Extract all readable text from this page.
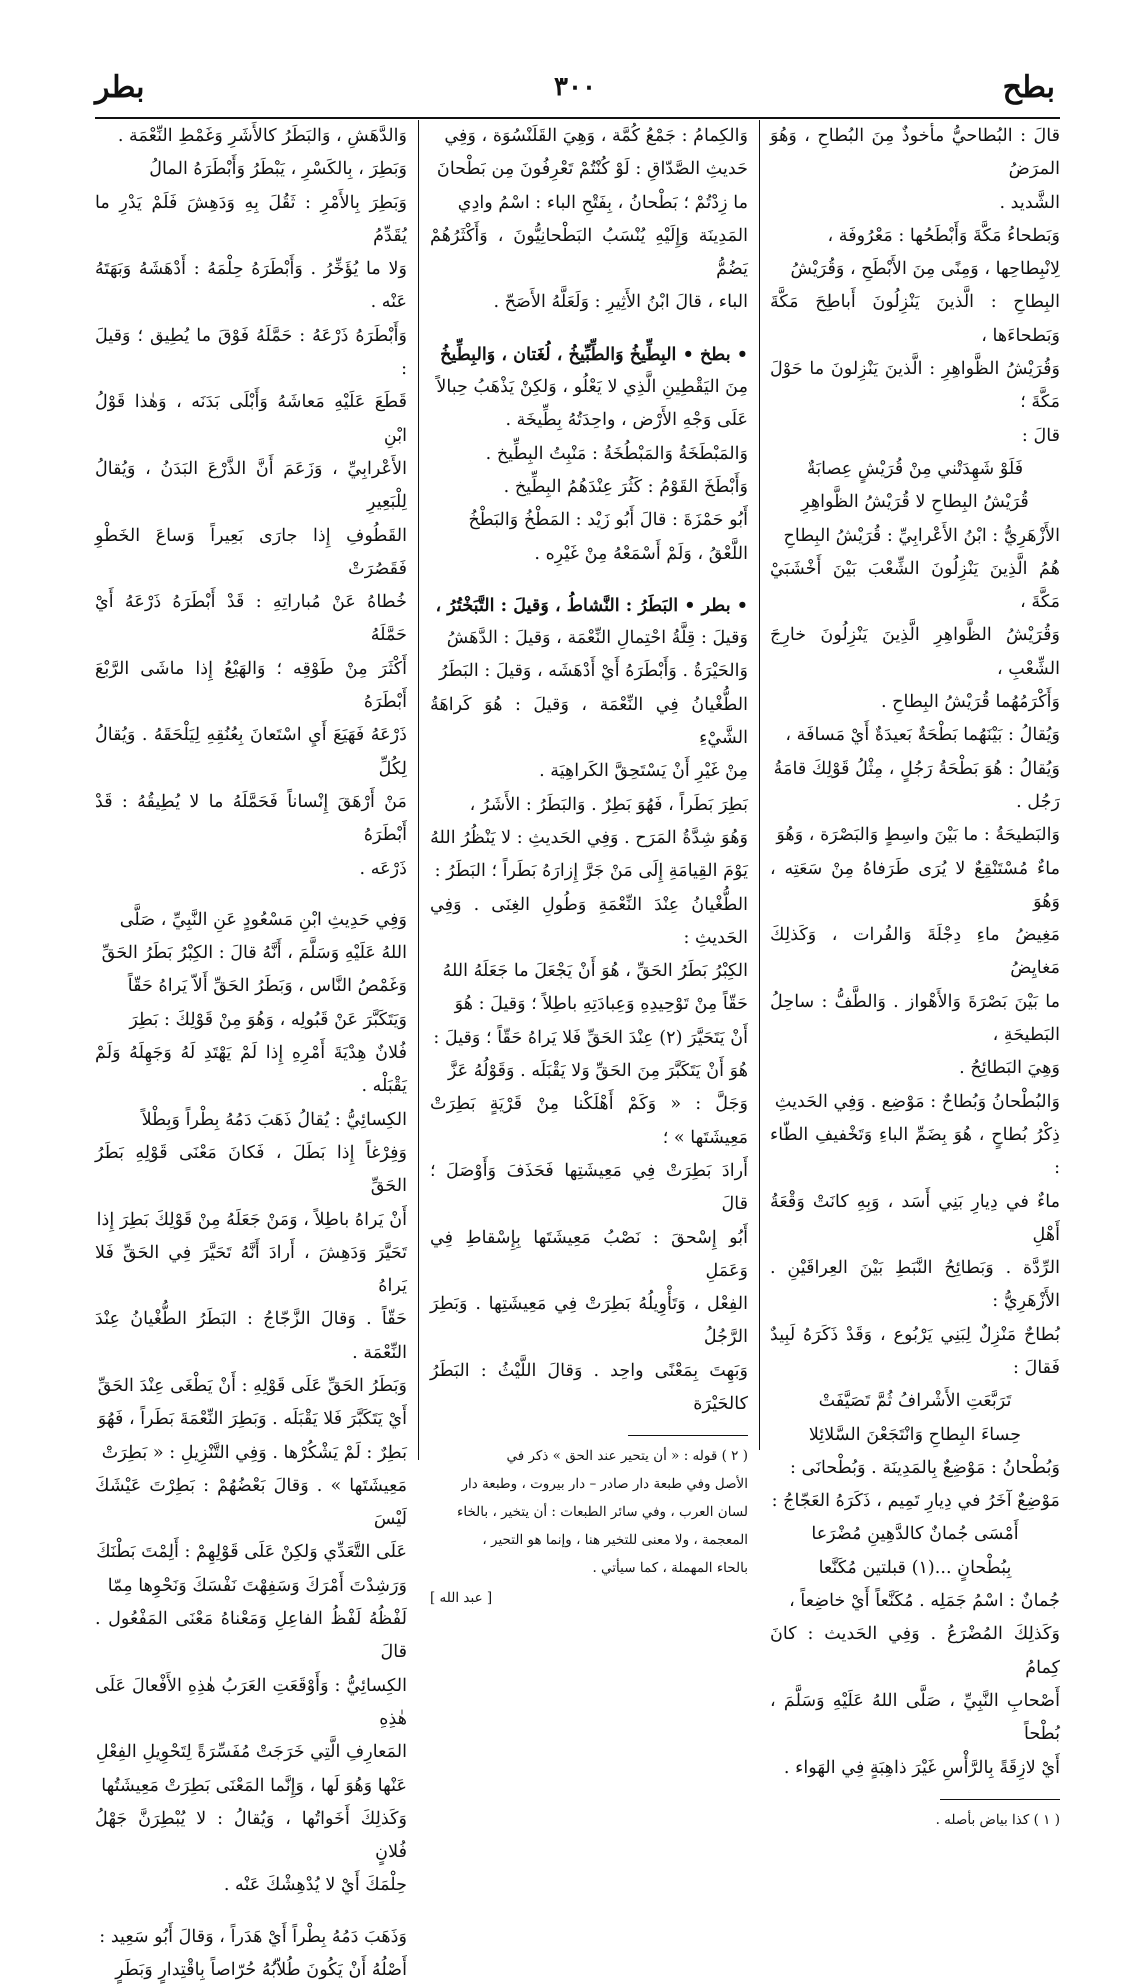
بطح
٣٠٠
بطر

قالَ : البُطاحيُّ مأخوذٌ مِنَ البُطاحِ ، وَهُوَ المرَضُ

الشَّديد .

وَبَطحاءُ مَكَّةَ وَأَبْطَحُها : مَعْرُوفَة ،

لِانْبِطاحِها ، وَمِنًى مِنَ الأَبْطَحِ ، وَقُرَيْشُ

البِطاحِ : الَّذينَ يَنْزِلُونَ أَباطِحَ مَكَّةَ وَبَطحاءَها ،

وَقُرَيْشُ الظَّواهِرِ : الَّذينَ يَنْزِلونَ ما حَوْلَ مَكَّةَ ؛

قالَ :

فَلَوْ شَهِدَتْني مِنْ قُرَيْشٍ عِصابَةٌ

قُرَيْشُ البِطاحِ لا قُرَيْشُ الظَّواهِرِ

الأَزْهَرِيُّ : ابْنُ الأَعْرابِيِّ : قُرَيْشُ البِطاحِ

هُمُ الَّذِينَ يَنْزِلُونَ الشِّعْبَ بَيْنَ أَخْشَبَيْ مَكَّةَ ،

وَقُرَيْشُ الظَّواهِرِ الَّذِينَ يَنْزِلُونَ خارِجَ الشِّعْبِ ،

وَأَكْرَمُهُما قُرَيْشُ البِطاحِ .

وَيُقالُ : بَيْنَهُما بَطْحَةٌ بَعيدَةٌ أَيْ مَسافَة ،

وَيُقالُ : هُوَ بَطْحَةُ رَجُلٍ ، مِثْلُ قَوْلِكَ قامَةُ

رَجُل .

وَالبَطيحَةُ : ما بَيْنَ واسِطٍ وَالبَصْرَة ، وَهُوَ

ماءٌ مُسْتَنْقِعٌ لا يُرَى طَرَفاهُ مِنْ سَعَتِه ، وَهُوَ

مَغِيضُ ماءِ دِجْلَةَ وَالفُرات ، وَكَذلِكَ مَغايِضُ

ما بَيْنَ بَصْرَةَ وَالأَهْواز . وَالطَّفُّ : ساحِلُ البَطيحَةِ ،

وَهِيَ البَطائِحُ .

وَالبُطْحانُ وَبُطاحٌ : مَوْضِع . وَفِي الحَديثِ

ذِكْرُ بُطاحٍ ، هُوَ بِضَمِّ الباءِ وَتَخْفيفِ الطّاء :

ماءٌ في دِيارِ بَنِي أَسَد ، وَبِهِ كانَتْ وَقْعَةُ أَهْلِ

الرِّدَّة . وَبَطائِحُ النَّبَطِ بَيْنَ العِراقَيْنِ . الأَزْهَرِيُّ :

بُطاحٌ مَنْزِلٌ لِبَنِي يَرْبُوع ، وَقَدْ ذَكَرَهُ لَبِيدٌ فَقالَ :

تَرَبَّعَتِ الأَشْرافُ ثُمَّ تَصَيَّفَتْ

حِساءَ البِطاحِ وَانْتَجَعْنَ السَّلائِلا

وَبُطْحانُ : مَوْضِعٌ بِالمَدِينَة . وَبُطْحانَى :

مَوْضِعٌ آخَرُ في دِيارِ تَمِيم ، ذَكَرَهُ العَجّاجُ :

أَمْسَى جُمانٌ كالدَّهِينِ مُضْرَعا

بِبُطْحانٍ ...(١) قبلتين مُكَنَّعا

جُمانٌ : اسْمُ جَمَلِه . مُكَنَّعاً أَيْ خاضِعاً ،

وَكَذلِكَ المُضْرَعُ . وَفِي الحَديث : كانَ كِمامُ

أَصْحابِ النَّبِيِّ ، صَلَّى اللهُ عَلَيْهِ وَسَلَّمَ ، بُطْحاً

أَيْ لازِقَةً بِالرَّأْسِ غَيْرَ ذاهِبَةٍ فِي الهَواء .

( ١ ) كذا بياض بأصله .

وَالكِمامُ : جَمْعُ كُمَّة ، وَهِيَ القَلَنْسُوَة ، وَفِي

حَديثِ الصَّدّاقِ : لَوْ كُنْتُمْ تَعْرِفُونَ مِن بَطْحانَ

ما زِدْتُمْ ؛ بَطْحانُ ، بِفَتْحِ الباء : اسْمُ وادِي

المَدِينَة وَإِلَيْهِ يُنْسَبُ البَطْحانِيُّونَ ، وَأَكْثَرُهُمْ يَضُمُّ

الباء ، قالَ ابْنُ الأَثِيرِ : وَلَعَلَّهُ الأَصَحّ .

• بطخ • البِطِّيخُ وَالطِّبِّيخُ ، لُغَتان ، وَالبِطِّيخُ

مِنَ اليَقْطِينِ الَّذِي لا يَعْلُو ، وَلكِنْ يَذْهَبُ حِبالاً

عَلَى وَجْهِ الأَرْض ، واحِدَتُهُ بِطِّيخَة .

وَالمَبْطَخَةُ وَالمَبْطُخَةُ : مَنْبِتُ البِطِّيخ .

وَأَبْطَخَ القَوْمُ : كَثُرَ عِنْدَهُمُ البِطِّيخ .

أَبُو حَمْزَةَ : قالَ أَبُو زَيْد : المَطْخُ وَالبَطْخُ

اللَّعْقُ ، وَلَمْ أَسْمَعْهُ مِنْ غَيْرِه .

• بطر • البَطَرُ : النَّشاطُ ، وَقيلَ : التَّبَخْتُرُ ،

وَقيلَ : قِلَّةُ احْتِمالِ النِّعْمَة ، وَقيلَ : الدَّهَشُ

وَالحَيْرَةُ . وَأَبْطَرَهُ أَيْ أَدْهَشَه ، وَقيلَ : البَطَرُ

الطُّغْيانُ فِي النِّعْمَة ، وَقيلَ : هُوَ كَراهَةُ الشَّيْءِ

مِنْ غَيْرِ أَنْ يَسْتَحِقَّ الكَراهِيَة .

بَطِرَ بَطَراً ، فَهُوَ بَطِرٌ . وَالبَطَرُ : الأَشَرُ ،

وَهُوَ شِدَّةُ المَرَح . وَفِي الحَديثِ : لا يَنْظُرُ اللهُ

يَوْمَ القِيامَةِ إِلَى مَنْ جَرَّ إِزارَهُ بَطَراً ؛ البَطَرُ :

الطُّغْيانُ عِنْدَ النِّعْمَةِ وَطُولِ الغِنَى . وَفِي الحَديثِ :

الكِبْرُ بَطَرُ الحَقِّ ، هُوَ أَنْ يَجْعَلَ ما جَعَلَهُ اللهُ

حَقّاً مِنْ تَوْحِيدِهِ وَعِبادَتِهِ باطِلاً ؛ وَقيلَ : هُوَ

أَنْ يَتَحَيَّرَ (٢) عِنْدَ الحَقِّ فَلا يَراهُ حَقّاً ؛ وَقيلَ :

هُوَ أَنْ يَتَكَبَّرَ مِنَ الحَقِّ وَلا يَقْبَلَه . وَقَوْلُهُ عَزَّ

وَجَلَّ : « وَكَمْ أَهْلَكْنا مِنْ قَرْيَةٍ بَطِرَتْ مَعِيشَتَها » ؛

أَرادَ بَطِرَتْ فِي مَعِيشَتِها فَحَذَفَ وَأَوْصَلَ ؛ قالَ

أَبُو إِسْحقَ : نَصْبُ مَعِيشَتَها بِإِسْقاطِ فِي وَعَمَلِ

الفِعْل ، وَتَأْوِيلُهُ بَطِرَتْ فِي مَعِيشَتِها . وَبَطِرَ الرَّجُلُ

وَبَهِتَ بِمَعْنًى واحِد . وَقالَ اللَّيْثُ : البَطَرُ كالحَيْرَة

( ٢ ) قوله : « أن يتحير عند الحق » ذكر في

الأصل وفي طبعة دار صادر – دار بيروت ، وطبعة دار

لسان العرب ، وفي سائر الطبعات : أن يتخير ، بالخاء

المعجمة ، ولا معنى للتخير هنا ، وإنما هو التحير ،

بالحاء المهملة ، كما سيأتي .

[ عبد الله ]

وَالدَّهَشِ ، وَالبَطَرُ كالأَشَرِ وَغَمْطِ النِّعْمَة .

وَبَطِرَ ، بِالكَسْرِ ، يَبْطَرُ وَأَبْطَرَهُ المالُ

وَبَطِرَ بِالأَمْرِ : ثَقُلَ بِهِ وَدَهِشَ فَلَمْ يَدْرِ ما يُقَدِّمُ

وَلا ما يُؤَخِّرُ . وَأَبْطَرَهُ حِلْمَهُ : أَدْهَشَهُ وَبَهَتَهُ عَنْه .

وَأَبْطَرَهُ ذَرْعَهُ : حَمَّلَهُ فَوْقَ ما يُطِيق ؛ وَقيلَ :

قَطَعَ عَلَيْهِ مَعاشَهُ وَأَبْلَى بَدَنَه ، وَهٰذا قَوْلُ ابْنِ

الأَعْرابِيِّ ، وَزَعَمَ أَنَّ الذَّرْعَ البَدَنُ ، وَيُقالُ لِلْبَعِيرِ

القَطُوفِ إِذا جارَى بَعِيراً وَساعَ الخَطْوِ فَقَصُرَتْ

خُطاهُ عَنْ مُباراتِهِ : قَدْ أَبْطَرَهُ ذَرْعَهُ أَيْ حَمَّلَهُ

أَكْثَرَ مِنْ طَوْقِه ؛ وَالهَيْعُ إِذا ماشَى الرَّبْعَ أَبْطَرَهُ

ذَرْعَهُ فَهَيَعَ أَيِ اسْتَعانَ بِعُنُقِهِ لِيَلْحَقَهُ . وَيُقالُ لِكُلِّ

مَنْ أَرْهَقَ إِنْساناً فَحَمَّلَهُ ما لا يُطِيقُهُ : قَدْ أَبْطَرَهُ

ذَرْعَه .

وَفِي حَدِيثِ ابْنِ مَسْعُودٍ عَنِ النَّبِيِّ ، صَلَّى

اللهُ عَلَيْهِ وَسَلَّمَ ، أَنَّهُ قالَ : الكِبْرُ بَطَرُ الحَقِّ

وَغَمْصُ النَّاس ، وَبَطَرُ الحَقِّ أَلاّ يَراهُ حَقّاً

وَيَتَكَبَّرَ عَنْ قَبُولِه ، وَهُوَ مِنْ قَوْلِكَ : بَطِرَ

فُلانٌ هِدْيَةَ أَمْرِهِ إِذا لَمْ يَهْتَدِ لَهُ وَجَهِلَهُ وَلَمْ يَقْبَلْه .

الكِسائِيُّ : يُقالُ ذَهَبَ دَمُهُ بِطْراً وَبِطْلاً

وَفِرْغاً إِذا بَطَلَ ، فَكانَ مَعْنَى قَوْلِهِ بَطَرُ الحَقِّ

أَنْ يَراهُ باطِلاً ، وَمَنْ جَعَلَهُ مِنْ قَوْلِكَ بَطِرَ إِذا

تَحَيَّرَ وَدَهِشَ ، أَرادَ أَنَّهُ تَحَيَّرَ فِي الحَقِّ فَلا يَراهُ

حَقّاً . وَقالَ الزَّجّاجُ : البَطَرُ الطُّغْيانُ عِنْدَ النِّعْمَة .

وَبَطَرُ الحَقِّ عَلَى قَوْلِهِ : أَنْ يَطْغَى عِنْدَ الحَقِّ

أَيْ يَتَكَبَّرَ فَلا يَقْبَلَه . وَبَطِرَ النِّعْمَةَ بَطَراً ، فَهُوَ

بَطِرٌ : لَمْ يَشْكُرْها . وَفِي التَّنْزِيلِ : « بَطِرَتْ

مَعِيشَتَها » . وَقالَ بَعْضُهُمْ : بَطِرْتَ عَيْشَكَ لَيْسَ

عَلَى التَّعَدِّي وَلكِنْ عَلَى قَوْلِهِمْ : أَلِمْتَ بَطْنَكَ

وَرَشِدْتَ أَمْرَكَ وَسَفِهْتَ نَفْسَكَ وَنَحْوِها مِمّا

لَفْظُهُ لَفْظُ الفاعِلِ وَمَعْناهُ مَعْنَى المَفْعُول . قالَ

الكِسائِيُّ : وَأَوْقَعَتِ العَرَبُ هٰذِهِ الأَفْعالَ عَلَى هٰذِهِ

المَعارِفِ الَّتِي خَرَجَتْ مُفَسِّرَةً لِتَحْوِيلِ الفِعْلِ

عَنْها وَهُوَ لَها ، وَإِنَّما المَعْنَى بَطِرَتْ مَعِيشَتُها

وَكَذلِكَ أَخَواتُها ، وَيُقالُ : لا يُبْطِرَنَّ جَهْلُ فُلانٍ

حِلْمَكَ أَيْ لا يُدْهِشْكَ عَنْه .

وَذَهَبَ دَمُهُ بِطْراً أَيْ هَدَراً ، وَقالَ أَبُو سَعِيد :

أَصْلُهُ أَنْ يَكُونَ طُلاّبُهُ حُرّاصاً بِاقْتِدارٍ وَبَطَرٍ
